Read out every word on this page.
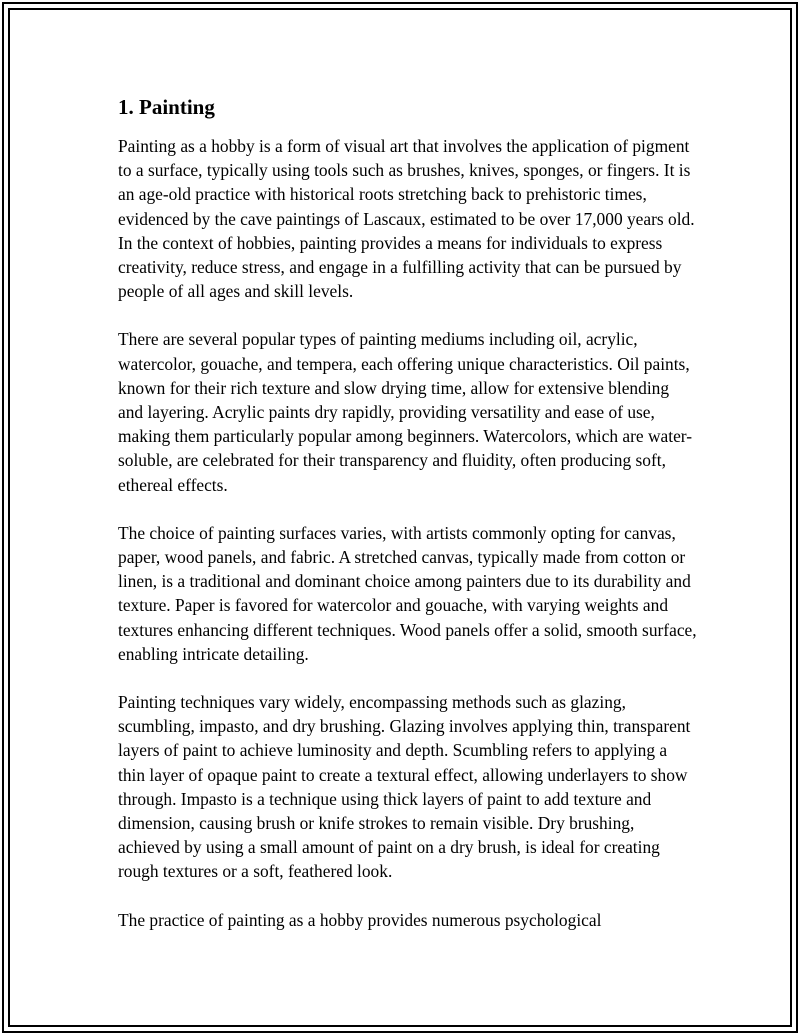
1. Painting

Painting as a hobby is a form of visual art that involves the application of pigment to a surface, typically using tools such as brushes, knives, sponges, or fingers. It is an age-old practice with historical roots stretching back to prehistoric times, evidenced by the cave paintings of Lascaux, estimated to be over 17,000 years old. In the context of hobbies, painting provides a means for individuals to express creativity, reduce stress, and engage in a fulfilling activity that can be pursued by people of all ages and skill levels.

There are several popular types of painting mediums including oil, acrylic, watercolor, gouache, and tempera, each offering unique characteristics. Oil paints, known for their rich texture and slow drying time, allow for extensive blending and layering. Acrylic paints dry rapidly, providing versatility and ease of use, making them particularly popular among beginners. Watercolors, which are water-soluble, are celebrated for their transparency and fluidity, often producing soft, ethereal effects.

The choice of painting surfaces varies, with artists commonly opting for canvas, paper, wood panels, and fabric. A stretched canvas, typically made from cotton or linen, is a traditional and dominant choice among painters due to its durability and texture. Paper is favored for watercolor and gouache, with varying weights and textures enhancing different techniques. Wood panels offer a solid, smooth surface, enabling intricate detailing.

Painting techniques vary widely, encompassing methods such as glazing, scumbling, impasto, and dry brushing. Glazing involves applying thin, transparent layers of paint to achieve luminosity and depth. Scumbling refers to applying a thin layer of opaque paint to create a textural effect, allowing underlayers to show through. Impasto is a technique using thick layers of paint to add texture and dimension, causing brush or knife strokes to remain visible. Dry brushing, achieved by using a small amount of paint on a dry brush, is ideal for creating rough textures or a soft, feathered look.

The practice of painting as a hobby provides numerous psychological
